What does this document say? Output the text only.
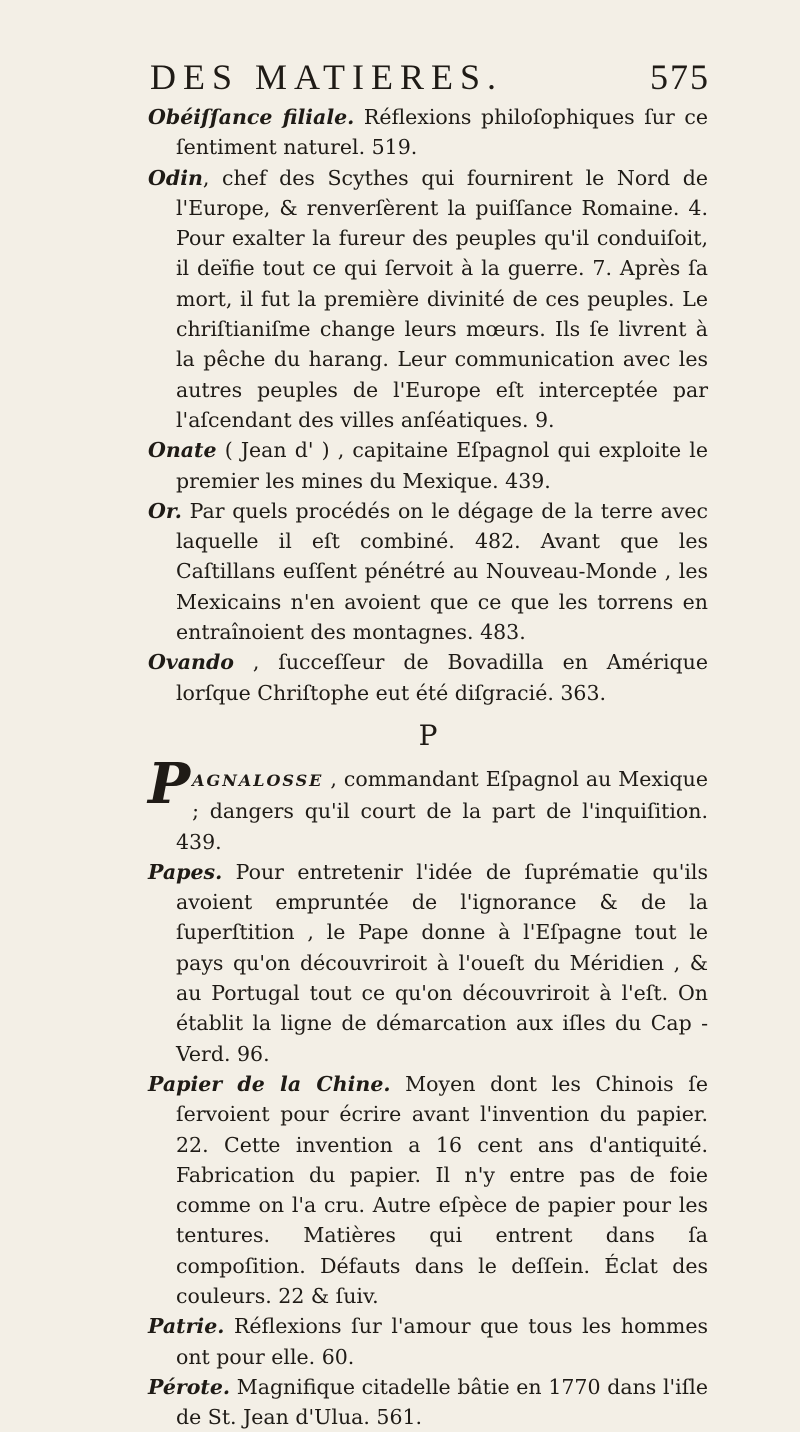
DES MATIERES.	575

Obéiſſance filiale. Réflexions philoſophiques ſur ce ſentiment naturel. 519.

Odin, chef des Scythes qui fournirent le Nord de l'Europe, & renverſèrent la puiſſance Romaine. 4. Pour exalter la fureur des peuples qu'il conduiſoit, il deïfie tout ce qui ſervoit à la guerre. 7. Après ſa mort, il fut la première divinité de ces peuples. Le chriſtianiſme change leurs mœurs. Ils ſe livrent à la pêche du harang. Leur communication avec les autres peuples de l'Europe eſt interceptée par l'aſcendant des villes anſéatiques. 9.

Onate ( Jean d' ) , capitaine Eſpagnol qui exploite le premier les mines du Mexique. 439.

Or. Par quels procédés on le dégage de la terre avec laquelle il eſt combiné. 482. Avant que les Caſtillans euſſent pénétré au Nouveau-Monde , les Mexicains n'en avoient que ce que les torrens en entraînoient des montagnes. 483.

Ovando , ſucceſſeur de Bovadilla en Amérique lorſque Chriſtophe eut été diſgracié. 363.

P

PAGNALOSSE , commandant Eſpagnol au Mexique ; dangers qu'il court de la part de l'inquiſition. 439.

Papes. Pour entretenir l'idée de ſuprématie qu'ils avoient empruntée de l'ignorance & de la ſuperſtition , le Pape donne à l'Eſpagne tout le pays qu'on découvriroit à l'oueſt du Méridien , & au Portugal tout ce qu'on découvriroit à l'eſt. On établit la ligne de démarcation aux iſles du Cap - Verd. 96.

Papier de la Chine. Moyen dont les Chinois ſe ſervoient pour écrire avant l'invention du papier. 22. Cette invention a 16 cent ans d'antiquité. Fabrication du papier. Il n'y entre pas de foie comme on l'a cru. Autre eſpèce de papier pour les tentures. Matières qui entrent dans ſa compoſition. Défauts dans le deſſein. Éclat des couleurs. 22 & ſuiv.

Patrie. Réflexions ſur l'amour que tous les hommes ont pour elle. 60.

Pérote. Magnifique citadelle bâtie en 1770 dans l'iſle de St. Jean d'Ulua. 561.
